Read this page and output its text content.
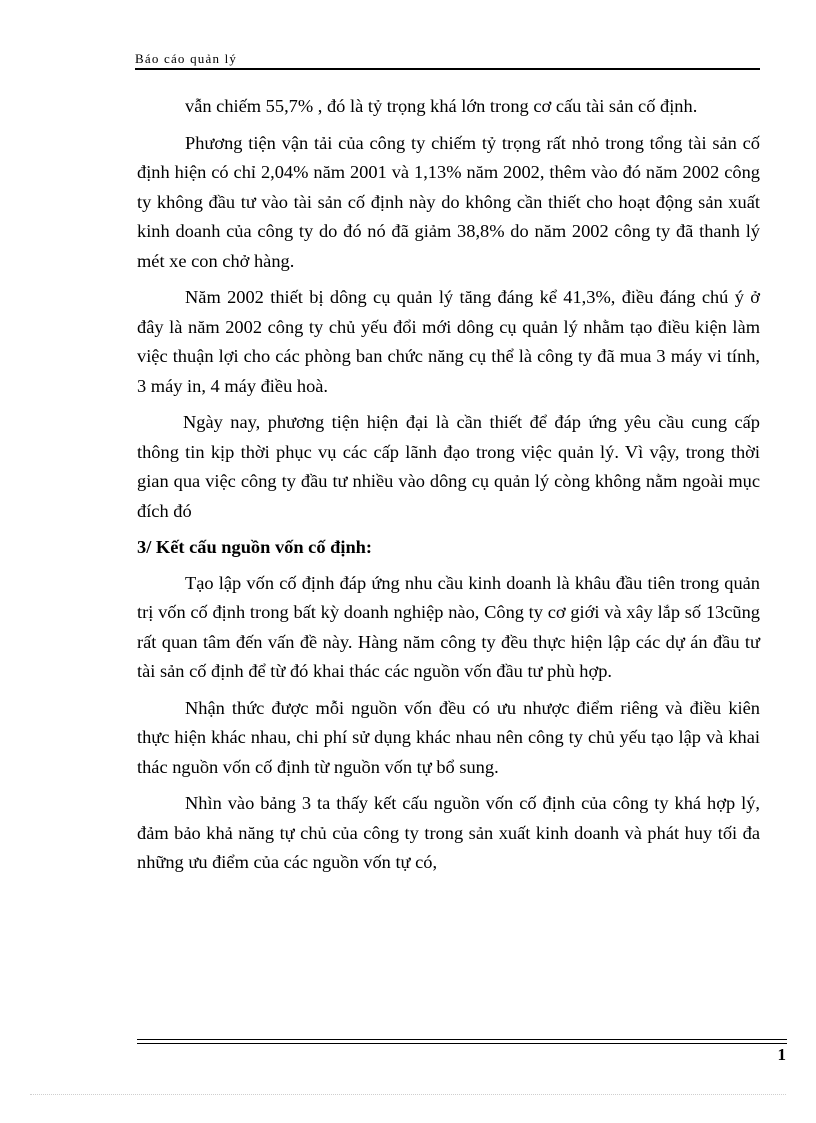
Báo cáo quản lý

vẫn chiếm 55,7% , đó là tỷ trọng khá lớn trong cơ cấu tài sản cố định.

Phương tiện vận tải của công ty chiếm tỷ trọng rất nhỏ trong tổng tài sản cố định hiện có chỉ 2,04% năm 2001 và 1,13% năm 2002, thêm vào đó năm 2002 công ty không đầu tư vào tài sản cố định này do không cần thiết cho hoạt động sản xuất kinh doanh của công ty do đó nó đã giảm 38,8% do năm 2002 công ty đã thanh lý mét xe con chở hàng.

Năm 2002 thiết bị dông cụ quản lý tăng đáng kể 41,3%, điều đáng chú ý ở đây là năm 2002 công ty chủ yếu đổi mới dông cụ quản lý nhằm tạo điều kiện làm việc thuận lợi cho các phòng ban chức năng cụ thể là công ty đã mua 3 máy vi tính, 3 máy in, 4 máy điều hoà.

Ngày nay, phương tiện hiện đại là cần thiết để đáp ứng yêu cầu cung cấp thông tin kịp thời phục vụ các cấp lãnh đạo trong việc quản lý. Vì vậy, trong thời gian qua việc công ty đầu tư nhiều vào dông cụ quản lý còng không nằm ngoài mục đích đó

3/ Kết cấu nguồn vốn cố định:

Tạo lập vốn cố định đáp ứng nhu cầu kinh doanh là khâu đầu tiên trong quản trị vốn cố định trong bất kỳ doanh nghiệp nào, Công ty cơ giới và xây lắp số 13cũng rất quan tâm đến vấn đề này. Hàng năm công ty đều thực hiện lập các dự án đầu tư tài sản cố định để từ đó khai thác các nguồn vốn đầu tư phù hợp.

Nhận thức được mỗi nguồn vốn đều có ưu nhược điểm riêng và điều kiên thực hiện khác nhau, chi phí sử dụng khác nhau nên công ty chủ yếu tạo lập và khai thác nguồn vốn cố định từ nguồn vốn tự bổ sung.

Nhìn vào bảng 3 ta thấy kết cấu nguồn vốn cố định của công ty khá hợp lý, đảm bảo khả năng tự chủ của công ty trong sản xuất kinh doanh và phát huy tối đa những ưu điểm của các nguồn vốn tự có,

1
